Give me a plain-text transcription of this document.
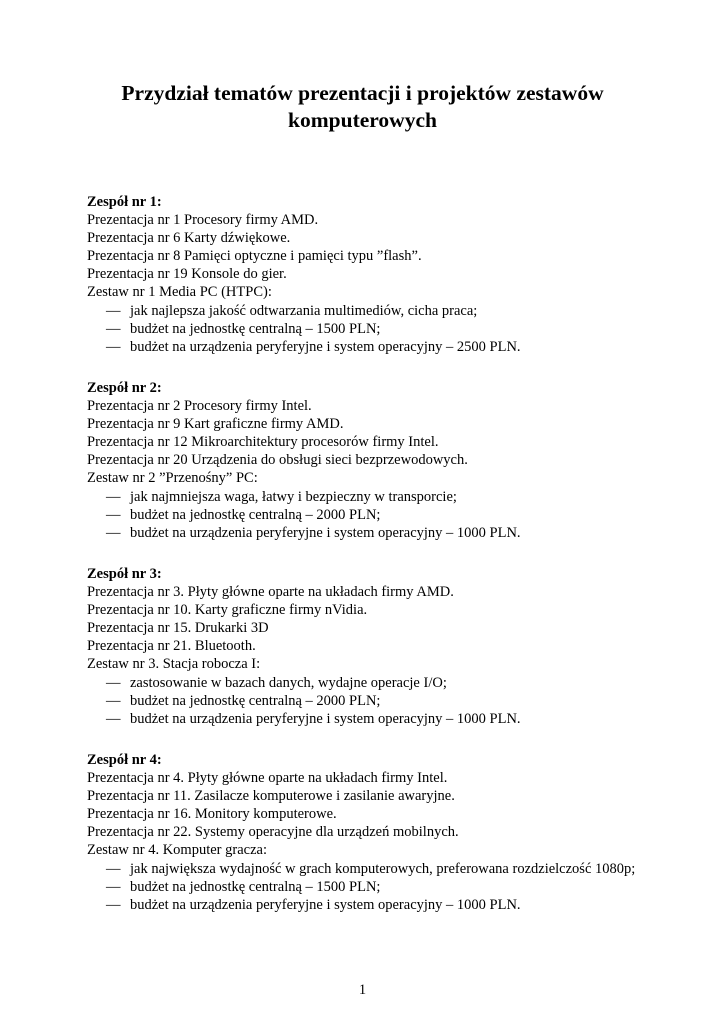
Przydział tematów prezentacji i projektów zestawów
komputerowych
Zespół nr 1:
Prezentacja nr 1 Procesory firmy AMD.
Prezentacja nr 6 Karty dźwiękowe.
Prezentacja nr 8 Pamięci optyczne i pamięci typu ”flash”.
Prezentacja nr 19 Konsole do gier.
Zestaw nr 1 Media PC (HTPC):
— jak najlepsza jakość odtwarzania multimediów, cicha praca;
— budżet na jednostkę centralną – 1500 PLN;
— budżet na urządzenia peryferyjne i system operacyjny – 2500 PLN.
Zespół nr 2:
Prezentacja nr 2 Procesory firmy Intel.
Prezentacja nr 9 Kart graficzne firmy AMD.
Prezentacja nr 12 Mikroarchitektury procesorów firmy Intel.
Prezentacja nr 20 Urządzenia do obsługi sieci bezprzewodowych.
Zestaw nr 2 ”Przenośny” PC:
— jak najmniejsza waga, łatwy i bezpieczny w transporcie;
— budżet na jednostkę centralną – 2000 PLN;
— budżet na urządzenia peryferyjne i system operacyjny – 1000 PLN.
Zespół nr 3:
Prezentacja nr 3. Płyty główne oparte na układach firmy AMD.
Prezentacja nr 10. Karty graficzne firmy nVidia.
Prezentacja nr 15. Drukarki 3D
Prezentacja nr 21. Bluetooth.
Zestaw nr 3. Stacja robocza I:
— zastosowanie w bazach danych, wydajne operacje I/O;
— budżet na jednostkę centralną – 2000 PLN;
— budżet na urządzenia peryferyjne i system operacyjny – 1000 PLN.
Zespół nr 4:
Prezentacja nr 4. Płyty główne oparte na układach firmy Intel.
Prezentacja nr 11. Zasilacze komputerowe i zasilanie awaryjne.
Prezentacja nr 16. Monitory komputerowe.
Prezentacja nr 22. Systemy operacyjne dla urządzeń mobilnych.
Zestaw nr 4. Komputer gracza:
— jak największa wydajność w grach komputerowych, preferowana rozdzielczość 1080p;
— budżet na jednostkę centralną – 1500 PLN;
— budżet na urządzenia peryferyjne i system operacyjny – 1000 PLN.
1
